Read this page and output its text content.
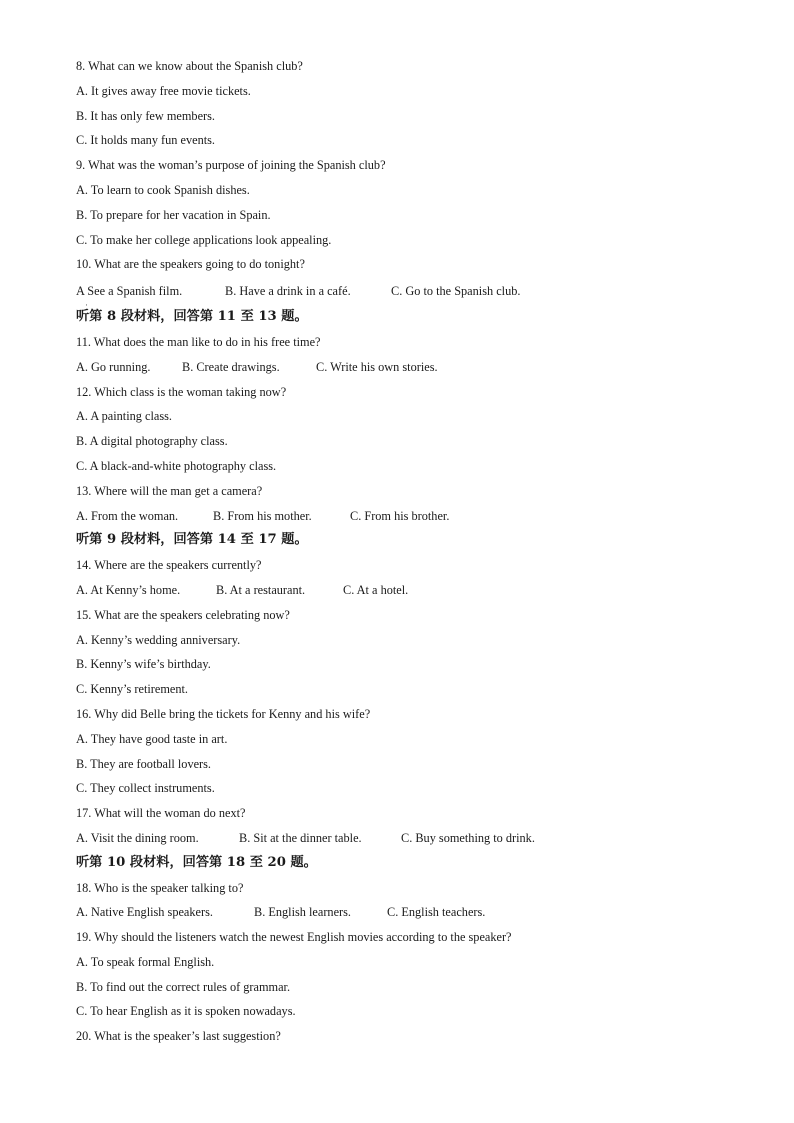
8. What can we know about the Spanish club?
A. It gives away free movie tickets.
B. It has only few members.
C. It holds many fun events.
9. What was the woman’s purpose of joining the Spanish club?
A. To learn to cook Spanish dishes.
B. To prepare for her vacation in Spain.
C. To make her college applications look appealing.
10. What are the speakers going to do tonight?
A See a Spanish film.	B. Have a drink in a café.	C. Go to the Spanish club.
·
听第 8 段材料，回答第 11 至 13 题。
11. What does the man like to do in his free time?
A. Go running.	B. Create drawings.	C. Write his own stories.
12. Which class is the woman taking now?
A. A painting class.
B. A digital photography class.
C. A black-and-white photography class.
13. Where will the man get a camera?
A. From the woman.	B. From his mother.	C. From his brother.
听第 9 段材料，回答第 14 至 17 题。
14. Where are the speakers currently?
A. At Kenny’s home.	B. At a restaurant.	C. At a hotel.
15. What are the speakers celebrating now?
A. Kenny’s wedding anniversary.
B. Kenny’s wife’s birthday.
C. Kenny’s retirement.
16. Why did Belle bring the tickets for Kenny and his wife?
A. They have good taste in art.
B. They are football lovers.
C. They collect instruments.
17. What will the woman do next?
A. Visit the dining room.	B. Sit at the dinner table.	C. Buy something to drink.
听第 10 段材料，回答第 18 至 20 题。
18. Who is the speaker talking to?
A. Native English speakers.	B. English learners.	C. English teachers.
19. Why should the listeners watch the newest English movies according to the speaker?
A. To speak formal English.
B. To find out the correct rules of grammar.
C. To hear English as it is spoken nowadays.
20. What is the speaker’s last suggestion?
